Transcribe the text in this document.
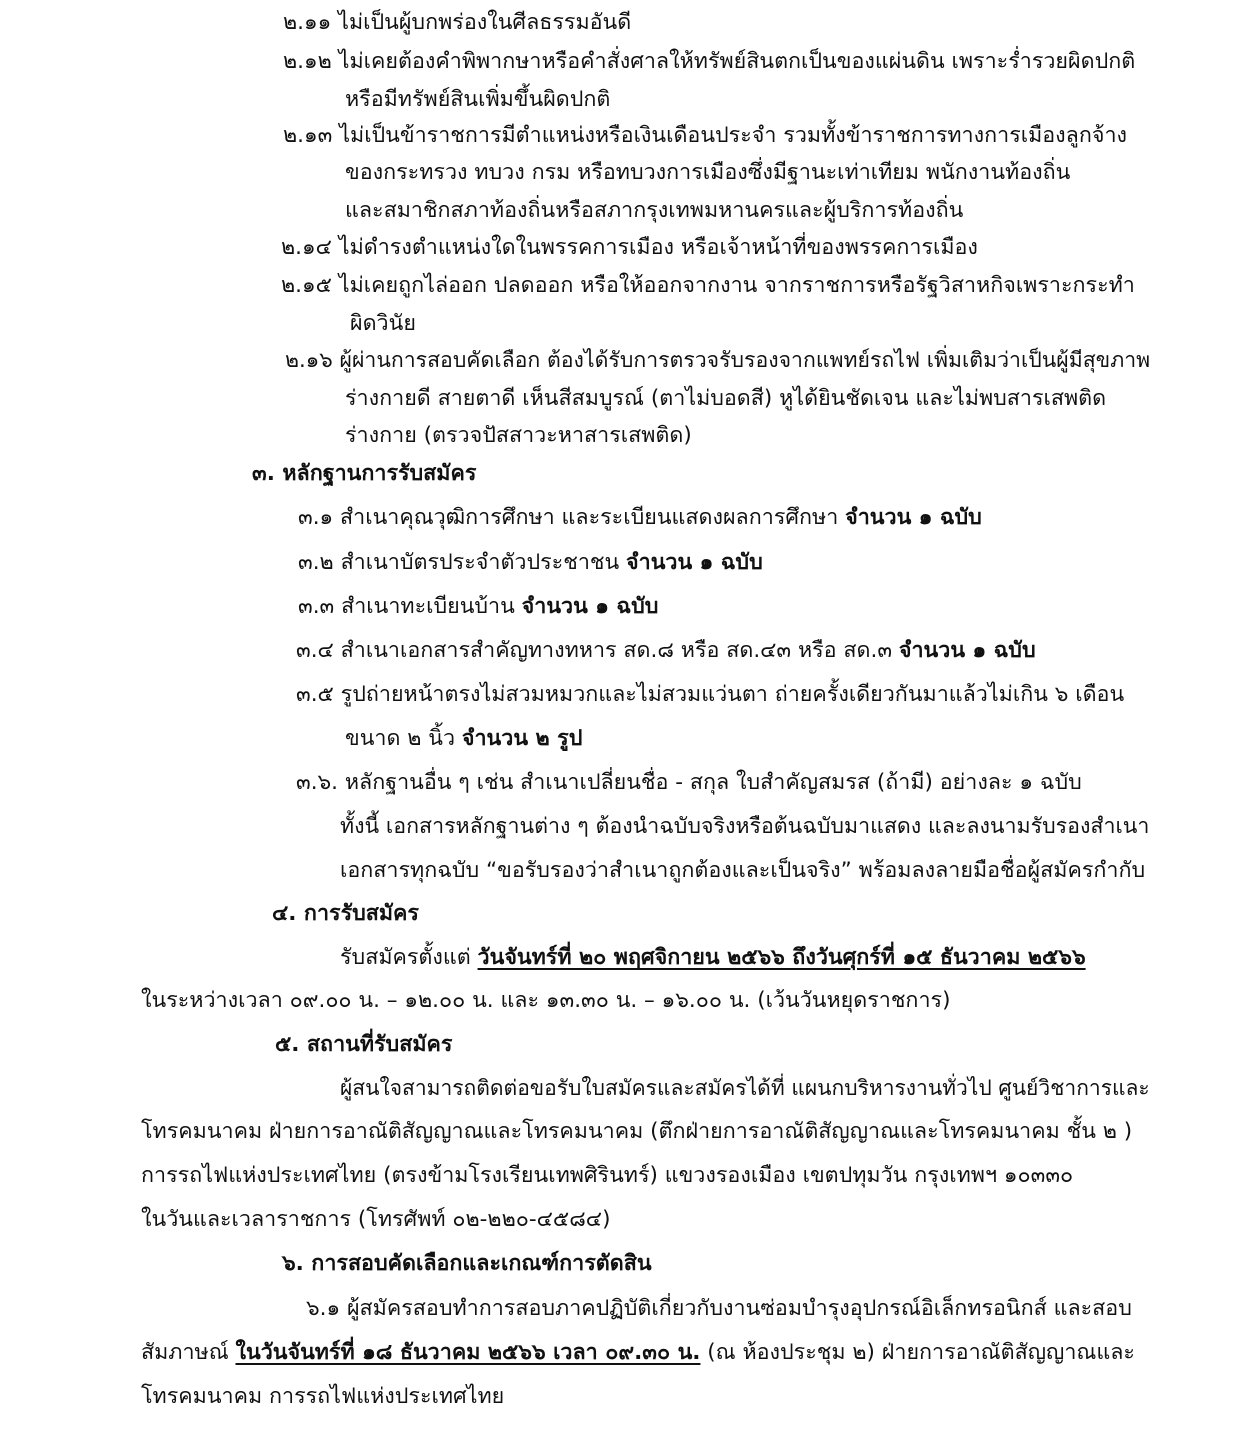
๒.๑๑ ไม่เป็นผู้บกพร่องในศีลธรรมอันดี
๒.๑๒ ไม่เคยต้องคำพิพากษาหรือคำสั่งศาลให้ทรัพย์สินตกเป็นของแผ่นดิน เพราะร่ำรวยผิดปกติ
หรือมีทรัพย์สินเพิ่มขึ้นผิดปกติ
๒.๑๓ ไม่เป็นข้าราชการมีตำแหน่งหรือเงินเดือนประจำ รวมทั้งข้าราชการทางการเมืองลูกจ้าง
ของกระทรวง ทบวง กรม หรือทบวงการเมืองซึ่งมีฐานะเท่าเทียม พนักงานท้องถิ่น
และสมาชิกสภาท้องถิ่นหรือสภากรุงเทพมหานครและผู้บริการท้องถิ่น
๒.๑๔ ไม่ดำรงตำแหน่งใดในพรรคการเมือง หรือเจ้าหน้าที่ของพรรคการเมือง
๒.๑๕ ไม่เคยถูกไล่ออก ปลดออก หรือให้ออกจากงาน จากราชการหรือรัฐวิสาหกิจเพราะกระทำ
ผิดวินัย
๒.๑๖ ผู้ผ่านการสอบคัดเลือก ต้องได้รับการตรวจรับรองจากแพทย์รถไฟ เพิ่มเติมว่าเป็นผู้มีสุขภาพ
ร่างกายดี สายตาดี เห็นสีสมบูรณ์ (ตาไม่บอดสี) หูได้ยินชัดเจน และไม่พบสารเสพติด
ร่างกาย (ตรวจปัสสาวะหาสารเสพติด)
๓. หลักฐานการรับสมัคร
๓.๑ สำเนาคุณวุฒิการศึกษา และระเบียนแสดงผลการศึกษา จำนวน ๑ ฉบับ
๓.๒ สำเนาบัตรประจำตัวประชาชน จำนวน ๑ ฉบับ
๓.๓ สำเนาทะเบียนบ้าน จำนวน ๑ ฉบับ
๓.๔ สำเนาเอกสารสำคัญทางทหาร สด.๘ หรือ สด.๔๓ หรือ สด.๓ จำนวน ๑ ฉบับ
๓.๕ รูปถ่ายหน้าตรงไม่สวมหมวกและไม่สวมแว่นตา ถ่ายครั้งเดียวกันมาแล้วไม่เกิน ๖ เดือน
ขนาด ๒ นิ้ว จำนวน ๒ รูป
๓.๖. หลักฐานอื่น ๆ เช่น สำเนาเปลี่ยนชื่อ - สกุล ใบสำคัญสมรส (ถ้ามี) อย่างละ ๑ ฉบับ
ทั้งนี้ เอกสารหลักฐานต่าง ๆ ต้องนำฉบับจริงหรือต้นฉบับมาแสดง และลงนามรับรองสำเนา
เอกสารทุกฉบับ “ขอรับรองว่าสำเนาถูกต้องและเป็นจริง” พร้อมลงลายมือชื่อผู้สมัครกำกับ
๔. การรับสมัคร
รับสมัครตั้งแต่ วันจันทร์ที่ ๒๐ พฤศจิกายน ๒๕๖๖ ถึงวันศุกร์ที่ ๑๕ ธันวาคม ๒๕๖๖
ในระหว่างเวลา ๐๙.๐๐ น. – ๑๒.๐๐ น. และ ๑๓.๓๐ น. – ๑๖.๐๐ น. (เว้นวันหยุดราชการ)
๕. สถานที่รับสมัคร
ผู้สนใจสามารถติดต่อขอรับใบสมัครและสมัครได้ที่ แผนกบริหารงานทั่วไป ศูนย์วิชาการและ
โทรคมนาคม ฝ่ายการอาณัติสัญญาณและโทรคมนาคม (ตึกฝ่ายการอาณัติสัญญาณและโทรคมนาคม ชั้น ๒ )
การรถไฟแห่งประเทศไทย (ตรงข้ามโรงเรียนเทพศิรินทร์) แขวงรองเมือง เขตปทุมวัน กรุงเทพฯ ๑๐๓๓๐
ในวันและเวลาราชการ (โทรศัพท์ ๐๒-๒๒๐-๔๕๘๔)
๖. การสอบคัดเลือกและเกณฑ์การตัดสิน
๖.๑ ผู้สมัครสอบทำการสอบภาคปฏิบัติเกี่ยวกับงานซ่อมบำรุงอุปกรณ์อิเล็กทรอนิกส์ และสอบ
สัมภาษณ์ ในวันจันทร์ที่ ๑๘ ธันวาคม ๒๕๖๖ เวลา ๐๙.๓๐ น. (ณ ห้องประชุม ๒) ฝ่ายการอาณัติสัญญาณและ
โทรคมนาคม การรถไฟแห่งประเทศไทย
